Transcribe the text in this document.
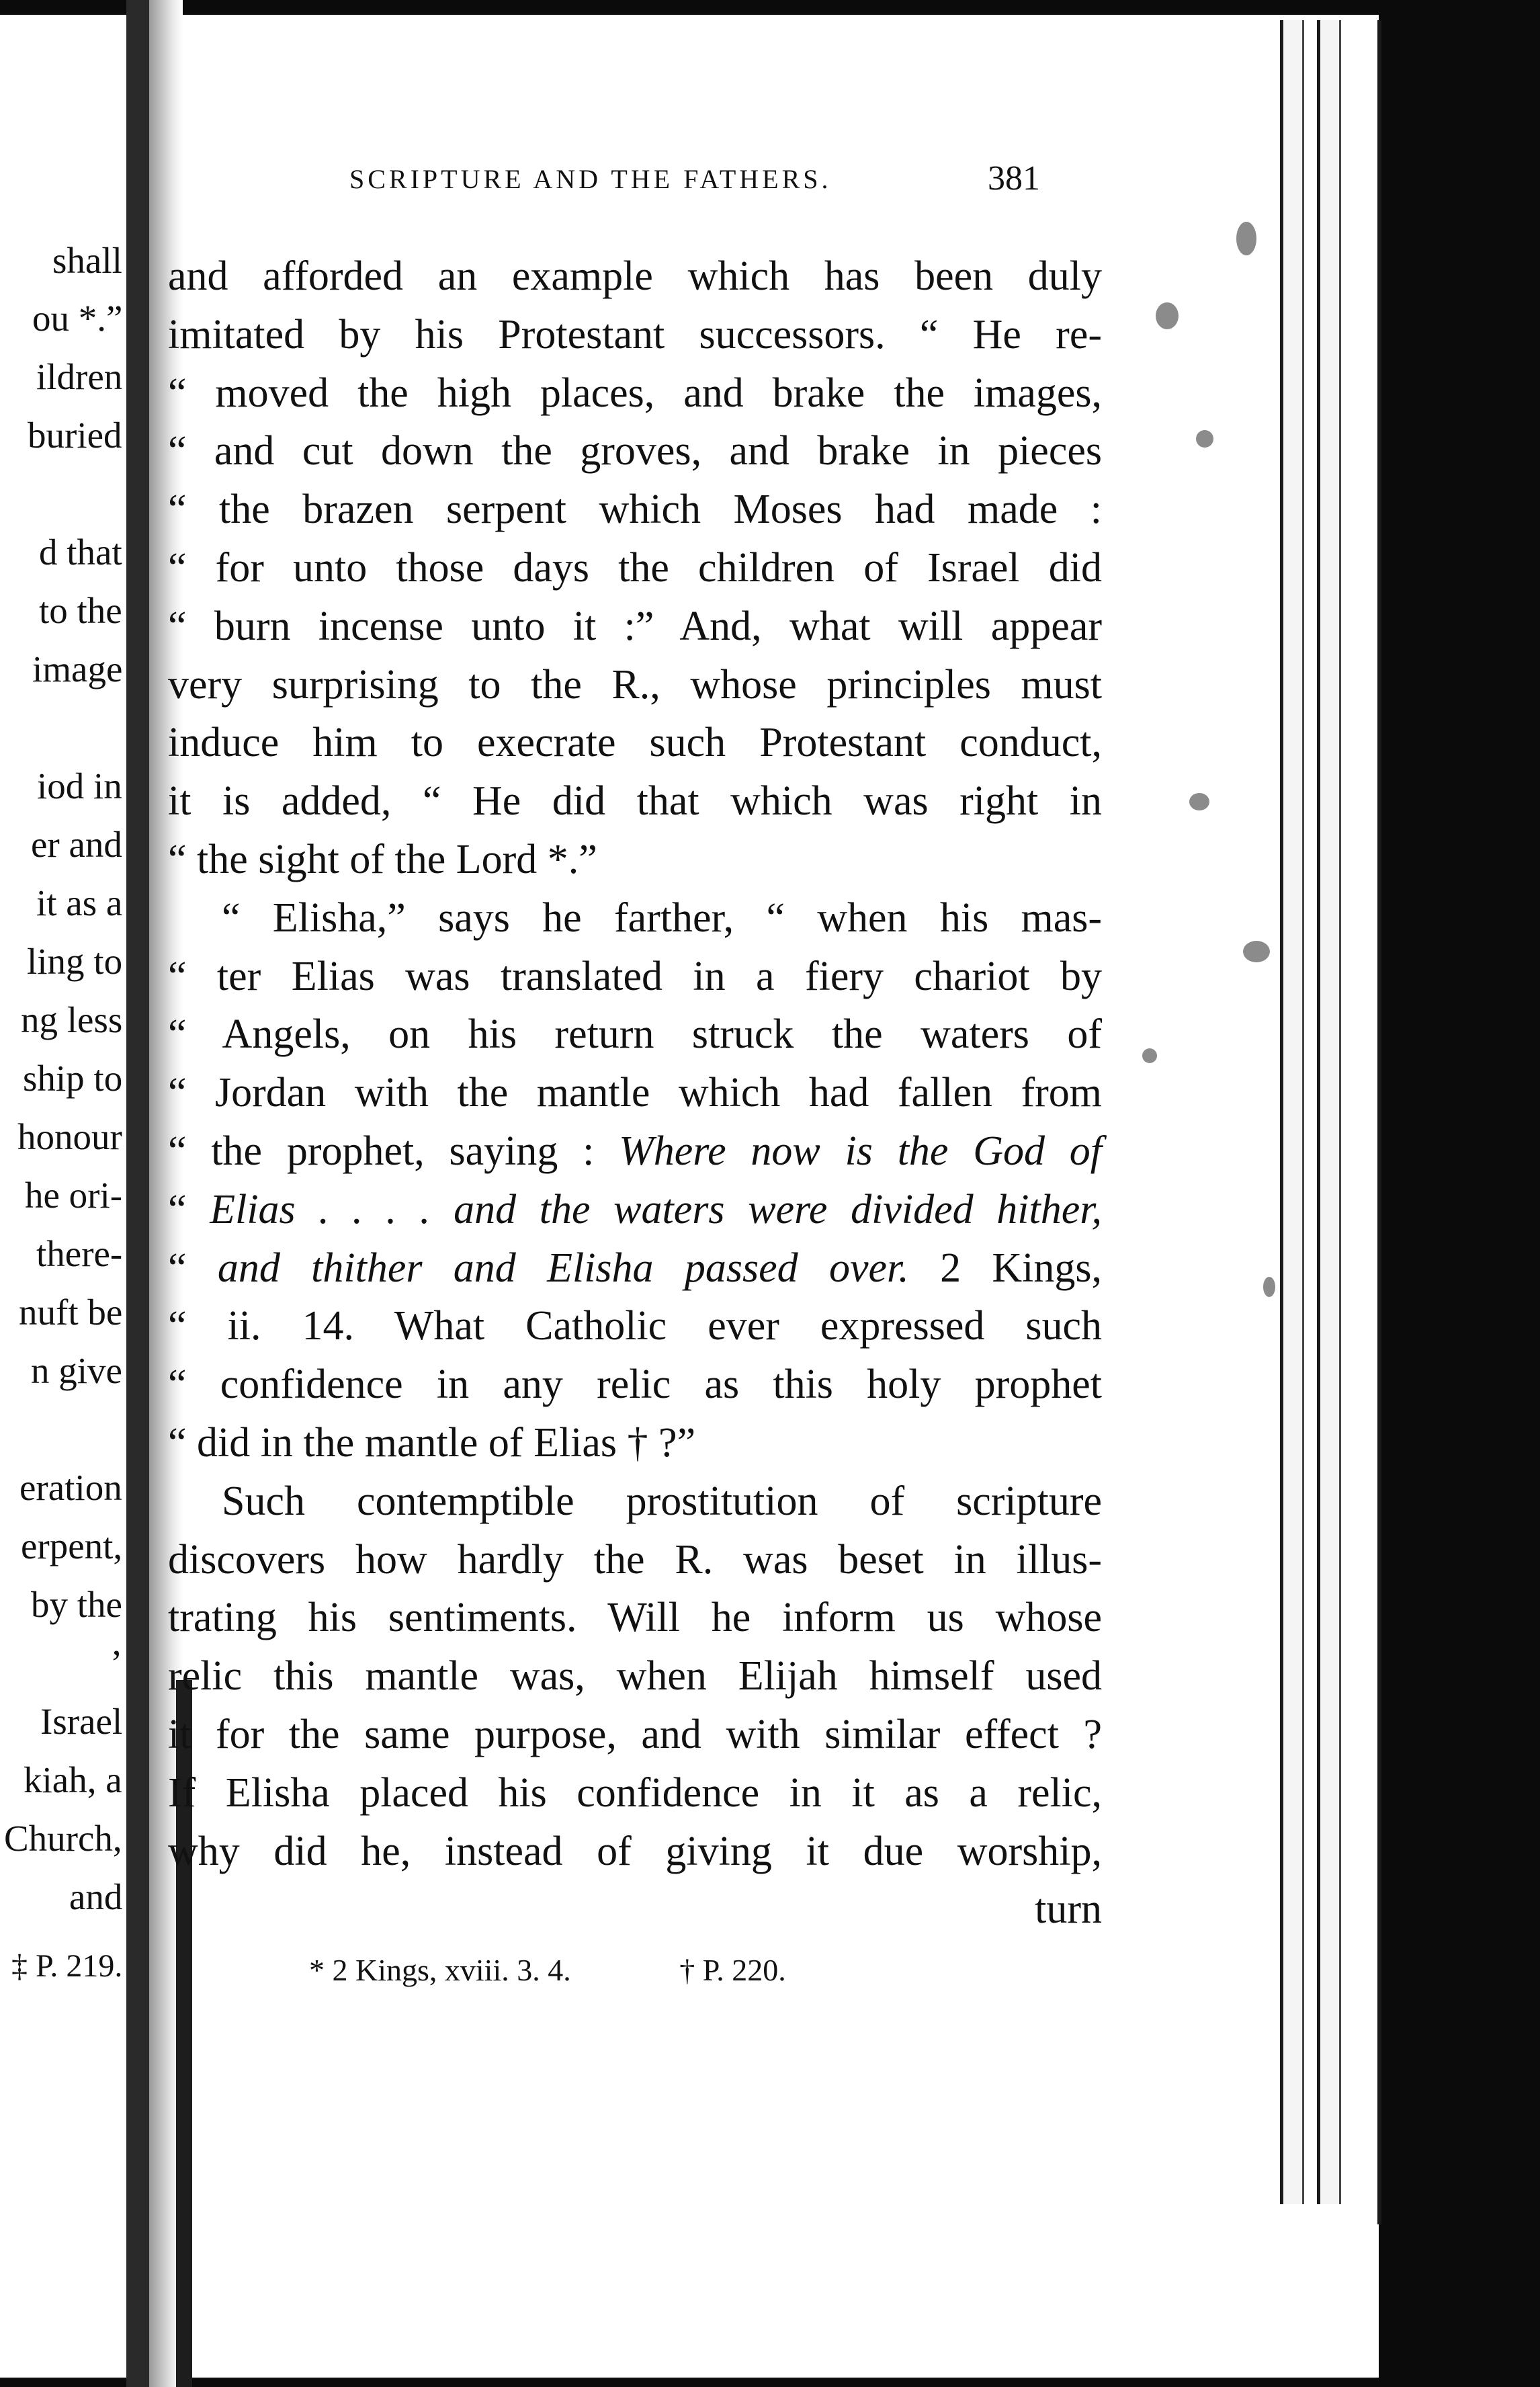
shall
ou *.”
ildren
buried
d that
to the
image
iod in
er and
it as a
ling to
ng less
ship to
honour
he ori-
there-
nuft be
n give
eration
erpent,
by the
’
Israel
kiah, a
Church,
and
‡ P. 219.
SCRIPTURE AND THE FATHERS.	381
and afforded an example which has been duly
imitated by his Protestant successors. “ He re-
“ moved the high places, and brake the images,
“ and cut down the groves, and brake in pieces
“ the brazen serpent which Moses had made :
“ for unto those days the children of Israel did
“ burn incense unto it :” And, what will appear
very surprising to the R., whose principles must
induce him to execrate such Protestant conduct,
it is added, “ He did that which was right in
“ the sight of the Lord *.”
“ Elisha,” says he farther, “ when his mas-
“ ter Elias was translated in a fiery chariot by
“ Angels, on his return struck the waters of
“ Jordan with the mantle which had fallen from
“ the prophet, saying : Where now is the God of
“ Elias . . . . and the waters were divided hither,
“ and thither and Elisha passed over. 2 Kings,
“ ii. 14. What Catholic ever expressed such
“ confidence in any relic as this holy prophet
“ did in the mantle of Elias † ?”
Such contemptible prostitution of scripture
discovers how hardly the R. was beset in illus-
trating his sentiments. Will he inform us whose
relic this mantle was, when Elijah himself used
it for the same purpose, and with similar effect ?
If Elisha placed his confidence in it as a relic,
why did he, instead of giving it due worship,
turn
* 2 Kings, xviii. 3. 4.	† P. 220.
